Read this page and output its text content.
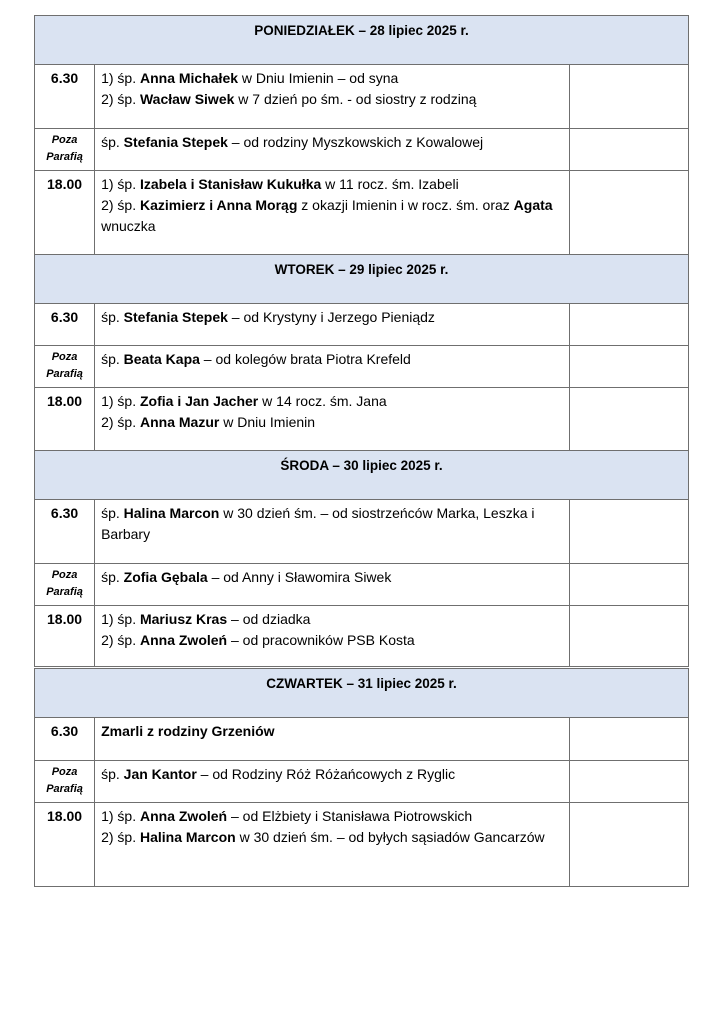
PONIEDZIAŁEK – 28 lipiec 2025 r.		
6.30	1) śp. Anna Michałek w Dniu Imienin – od syna
2) śp. Wacław Siwek w 7 dzień po śm. - od siostry z rodziną	

Poza Parafią	śp. Stefania Stepek – od rodziny Myszkowskich z Kowalowej	

18.00	1) śp. Izabela i Stanisław Kukułka w 11 rocz. śm. Izabeli
2) śp. Kazimierz i Anna Morąg z okazji Imienin i w rocz. śm. oraz Agata wnuczka	

WTOREK – 29 lipiec 2025 r.		
6.30	śp. Stefania Stepek – od Krystyny i Jerzego Pieniądz	

Poza Parafią	śp. Beata Kapa – od kolegów brata Piotra Krefeld	

18.00	1) śp. Zofia i Jan Jacher w 14 rocz. śm. Jana
2) śp. Anna Mazur w Dniu Imienin	

ŚRODA – 30 lipiec 2025 r.		
6.30	śp. Halina Marcon w 30 dzień śm. – od siostrzeńców Marka, Leszka i Barbary	

Poza Parafią	śp. Zofia Gębala – od Anny i Sławomira Siwek	

18.00	1) śp. Mariusz Kras – od dziadka
2) śp. Anna Zwoleń – od pracowników PSB Kosta	

CZWARTEK – 31 lipiec 2025 r.		
6.30	Zmarli z rodziny Grzeniów	

Poza Parafią	śp. Jan Kantor – od Rodziny Róż Różańcowych z Ryglic	

18.00	1) śp. Anna Zwoleń – od Elżbiety i Stanisława Piotrowskich
2) śp. Halina Marcon w 30 dzień śm. – od byłych sąsiadów Gancarzów	
